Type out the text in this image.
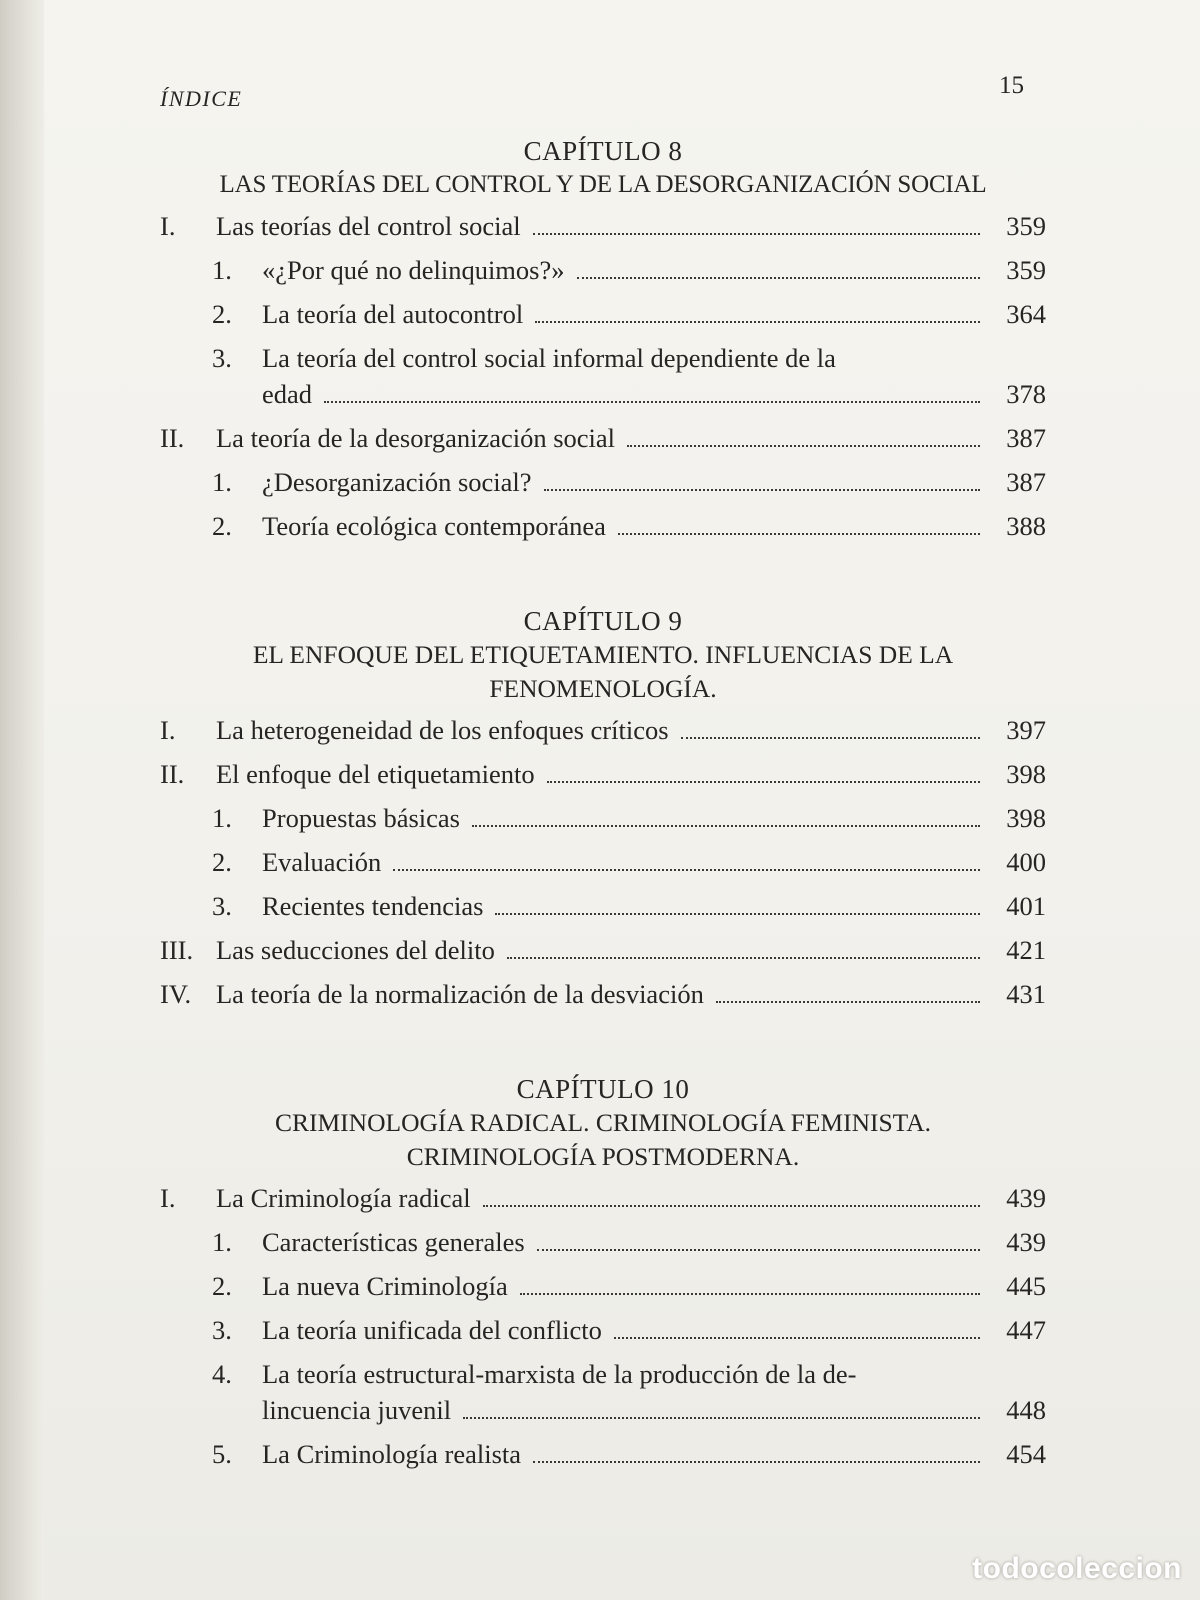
ÍNDICE	15
CAPÍTULO 8
LAS TEORÍAS DEL CONTROL Y DE LA DESORGANIZACIÓN SOCIAL
I.	Las teorías del control social	359
1.	«¿Por qué no delinquimos?»	359
2.	La teoría del autocontrol	364
3.	La teoría del control social informal dependiente de la
edad	378
II.	La teoría de la desorganización social	387
1.	¿Desorganización social?	387
2.	Teoría ecológica contemporánea	388
CAPÍTULO 9
EL ENFOQUE DEL ETIQUETAMIENTO. INFLUENCIAS DE LA FENOMENOLOGÍA.
I.	La heterogeneidad de los enfoques críticos	397
II.	El enfoque del etiquetamiento	398
1.	Propuestas básicas	398
2.	Evaluación	400
3.	Recientes tendencias	401
III. Las seducciones del delito	421
IV. La teoría de la normalización de la desviación	431
CAPÍTULO 10
CRIMINOLOGÍA RADICAL. CRIMINOLOGÍA FEMINISTA. CRIMINOLOGÍA POSTMODERNA.
I.	La Criminología radical	439
1.	Características generales	439
2.	La nueva Criminología	445
3.	La teoría unificada del conflicto	447
4.	La teoría estructural-marxista de la producción de la de-
lincuencia juvenil	448
5.	La Criminología realista	454
todocoleccion
